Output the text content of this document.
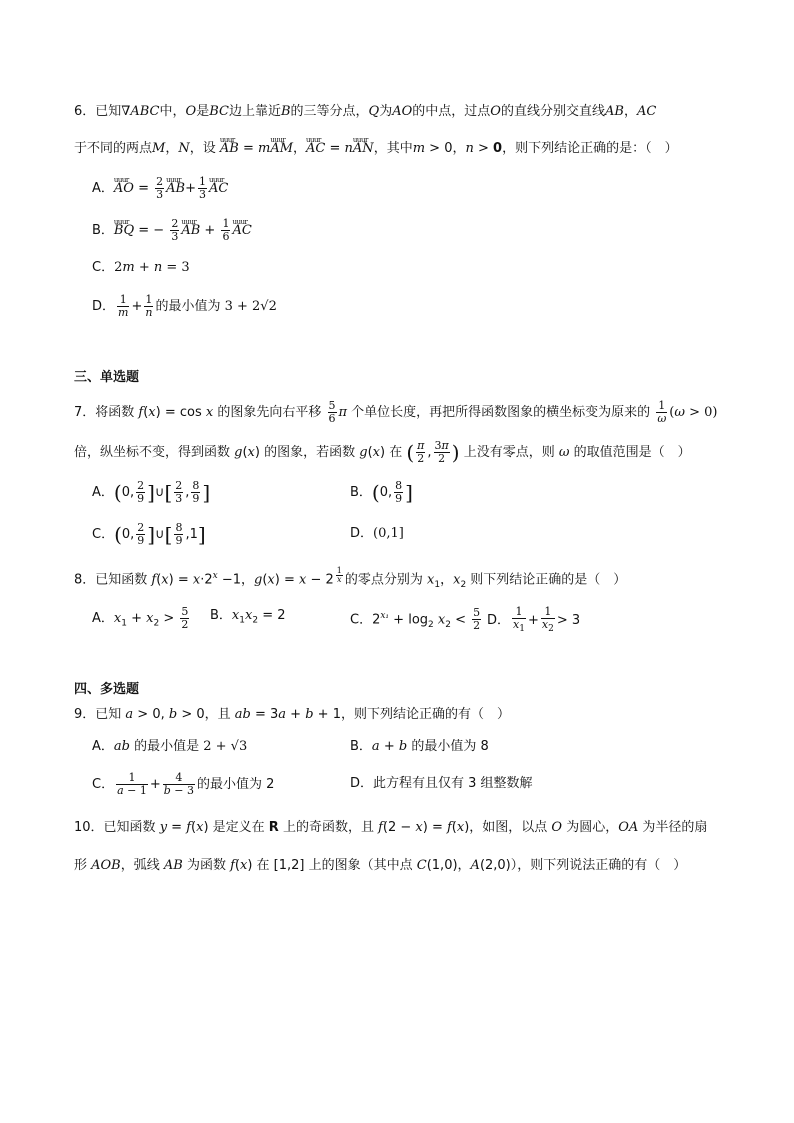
6．已知∇ABC中，O是BC边上靠近B的三等分点，Q为AO的中点，过点O的直线分别交直线AB，AC
于不同的两点M，N，设 uuur AB = muuur AM，uuur AC = nuuur AN，其中m > 0，n > 0，则下列结论正确的是：（　）
A．uuur AO = $\frac{2}{3}$ uuur $AB+ \frac{1}{3}$ uuur AC
B．uuur BQ = − $\frac{2}{3}$ uuur AB + $\frac{1}{6}$ uuur AC
C．2m + n = 3
D． $\frac{1}{m} + \frac{1}{n}$ 的最小值为 3 + 2√2
三、单选题
7．将函数 f(x) = cos x 的图象先向右平移 $\frac{5}{6}$ π 个单位长度，再把所得函数图象的横坐标变为原来的 $\frac{1}{\omega} (\omega > 0)$
倍，纵坐标不变，得到函数 g(x) 的图象，若函数 g(x) 在 ( $\frac{\pi}{2}$ , $\frac{3\pi}{2}$ ) 上没有零点，则 ω 的取值范围是（　）
A．(0, $\frac{2}{9}$ ]∪[ $\frac{2}{3}$ , $\frac{8}{9}$ ]	B．(0, $\frac{8}{9}$ ]
C．(0, $\frac{2}{9}$ ]∪[ $\frac{8}{9} ,1$]	D．(0,1]
8．已知函数 $f(x) = x\cdot 2^x -1$，g(x) = x − 2 $^{\frac{1}{x}}$ 的零点分别为 $x_1$，$x_2$ 则下列结论正确的是（　）
A．$x_1 + x_2 > \frac{5}{2}$ B．$x_1x_2 = 2$	C．$2^{x_1} + \log_2 x_2 < \frac{5}{2}$ D． $\frac{1}{x_1} + \frac{1}{x_2} > 3$
四、多选题
9．已知 a > 0, b > 0，且 ab = 3a + b + 1，则下列结论正确的有（　）
A．ab 的最小值是 2 + √3	B．a + b 的最小值为 8
C． $\frac{1}{a - 1} + \frac{4}{b - 3}$ 的最小值为 2	D．此方程有且仅有 3 组整数解
10．已知函数 y = f(x) 是定义在 R 上的奇函数，且 f(2 − x) = f(x)，如图，以点 O 为圆心，OA 为半径的扇
形 AOB，弧线 AB 为函数 f(x) 在 [1,2] 上的图象（其中点 C(1,0)，A(2,0)），则下列说法正确的有（　）
